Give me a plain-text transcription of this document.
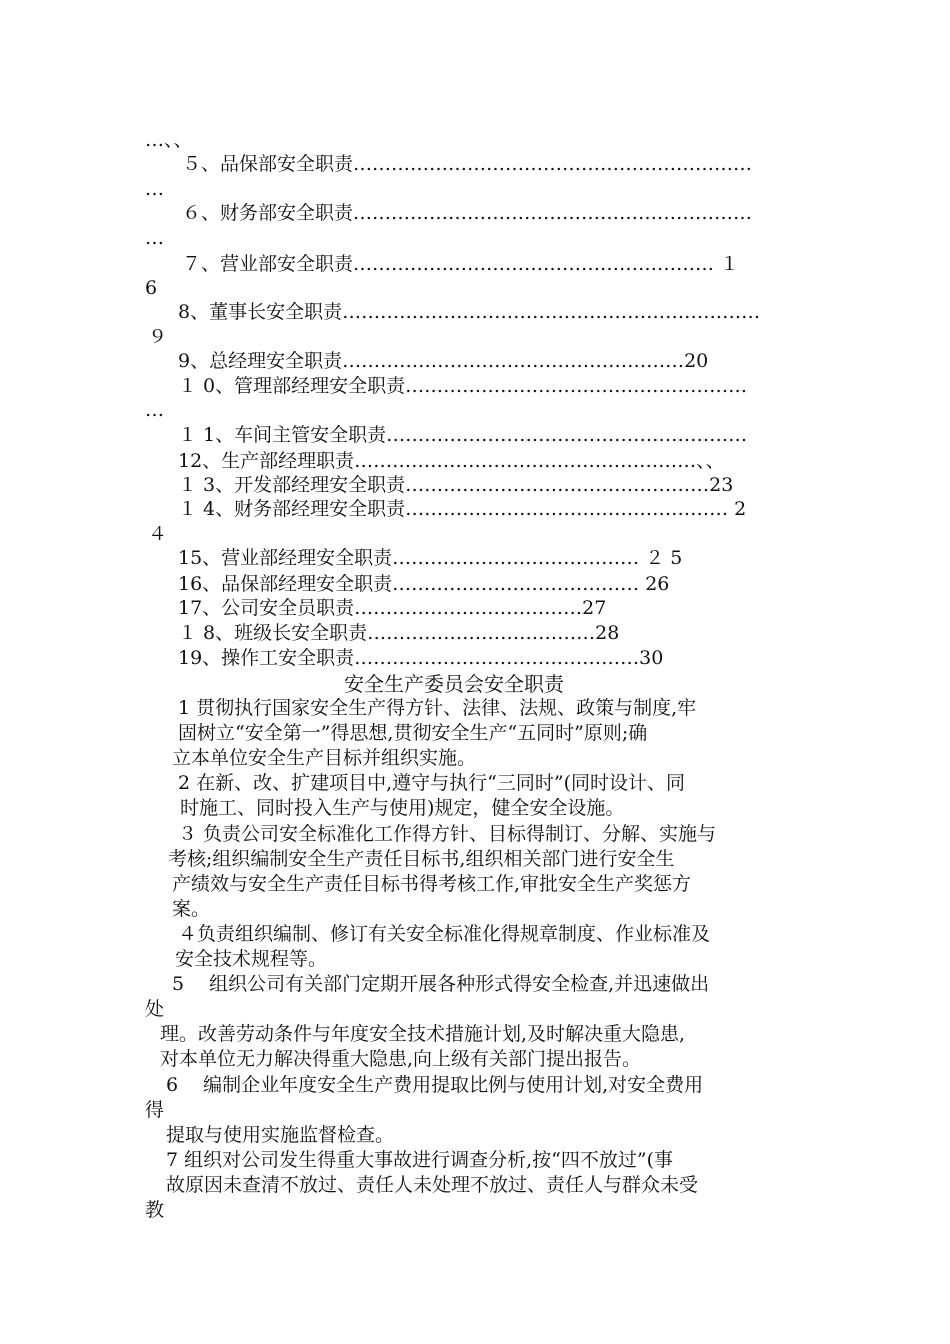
…、、
５、品保部安全职责………………………………………………………
…
６、财务部安全职责………………………………………………………
…
７、营业部安全职责………………………………………………… １
6
8、董事长安全职责…………………………………………………………
９
9、总经理安全职责………………………………………………20
１ 0、管理部经理安全职责………………………………………………
…
１ 1、车间主管安全职责…………………………………………………
12、生产部经理职责………………………………………………、、
１ 3、开发部经理安全职责…………………………………………23
１ 4、财务部经理安全职责…………………………………………… 2
４
15、营业部经理安全职责………………………………… ２ 5
16、品保部经理安全职责………………………………… 26
17、公司安全员职责………………………………27
１ 8、班级长安全职责………………………………28
19、操作工安全职责………………………………………30
安全生产委员会安全职责
1 贯彻执行国家安全生产得方针、法律、法规、政策与制度,牢
固树立“安全第一”得思想,贯彻安全生产“五同时”原则;确
立本单位安全生产目标并组织实施。
2 在新、改、扩建项目中,遵守与执行“三同时”(同时设计、同
时施工、同时投入生产与使用)规定，健全安全设施。
３ 负责公司安全标准化工作得方针、目标得制订、分解、实施与
考核;组织编制安全生产责任目标书,组织相关部门进行安全生
产绩效与安全生产责任目标书得考核工作,审批安全生产奖惩方
案。
４负责组织编制、修订有关安全标准化得规章制度、作业标准及
安全技术规程等。
5　 组织公司有关部门定期开展各种形式得安全检查,并迅速做出
处
理。改善劳动条件与年度安全技术措施计划,及时解决重大隐患,
对本单位无力解决得重大隐患,向上级有关部门提出报告。
6　 编制企业年度安全生产费用提取比例与使用计划,对安全费用
得
提取与使用实施监督检查。
7 组织对公司发生得重大事故进行调查分析,按“四不放过”(事
故原因未查清不放过、责任人未处理不放过、责任人与群众未受
教
